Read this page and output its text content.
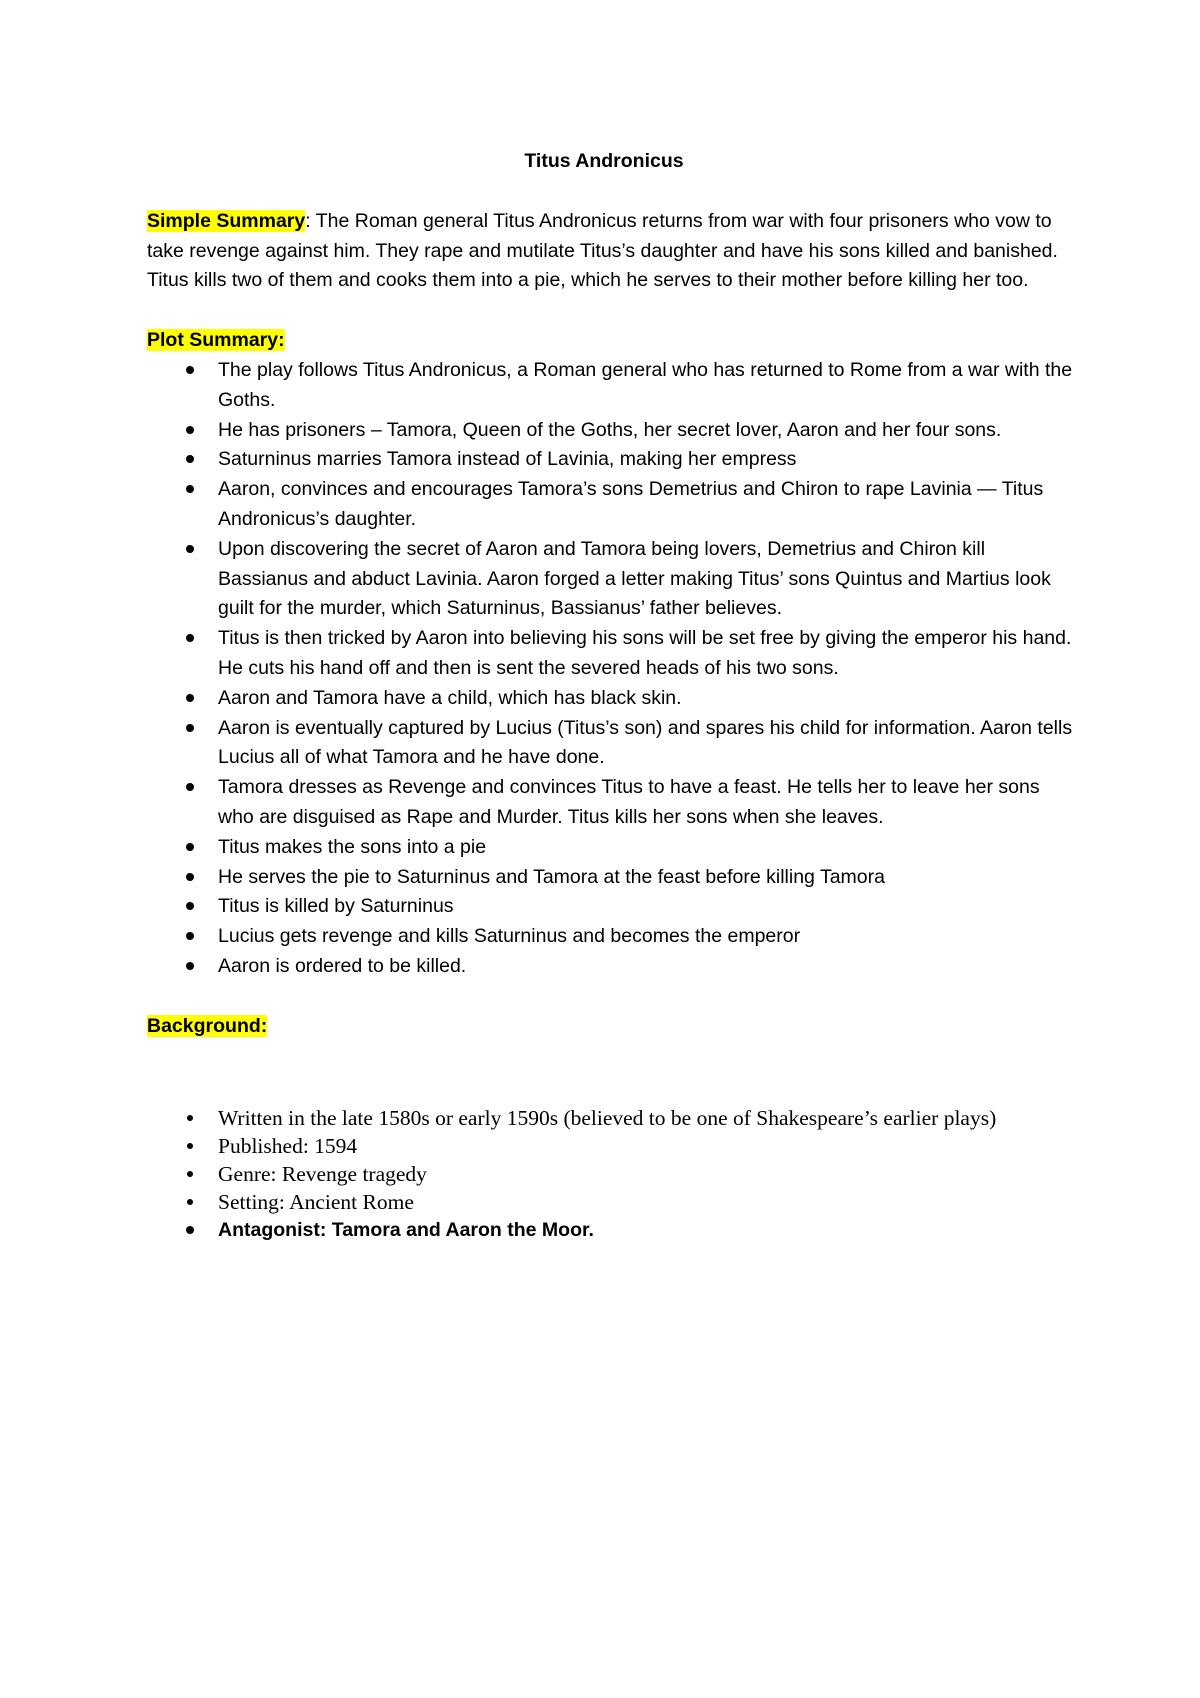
Titus Andronicus

Simple Summary: The Roman general Titus Andronicus returns from war with four prisoners who vow to take revenge against him. They rape and mutilate Titus’s daughter and have his sons killed and banished. Titus kills two of them and cooks them into a pie, which he serves to their mother before killing her too.

Plot Summary:

The play follows Titus Andronicus, a Roman general who has returned to Rome from a war with the Goths.
He has prisoners – Tamora, Queen of the Goths, her secret lover, Aaron and her four sons.
Saturninus marries Tamora instead of Lavinia, making her empress
Aaron, convinces and encourages Tamora’s sons Demetrius and Chiron to rape Lavinia — Titus Andronicus’s daughter.
Upon discovering the secret of Aaron and Tamora being lovers, Demetrius and Chiron kill Bassianus and abduct Lavinia. Aaron forged a letter making Titus’ sons Quintus and Martius look guilt for the murder, which Saturninus, Bassianus’ father believes.
Titus is then tricked by Aaron into believing his sons will be set free by giving the emperor his hand. He cuts his hand off and then is sent the severed heads of his two sons.
Aaron and Tamora have a child, which has black skin.
Aaron is eventually captured by Lucius (Titus’s son) and spares his child for information. Aaron tells Lucius all of what Tamora and he have done.
Tamora dresses as Revenge and convinces Titus to have a feast. He tells her to leave her sons who are disguised as Rape and Murder. Titus kills her sons when she leaves.
Titus makes the sons into a pie
He serves the pie to Saturninus and Tamora at the feast before killing Tamora
Titus is killed by Saturninus
Lucius gets revenge and kills Saturninus and becomes the emperor
Aaron is ordered to be killed.

Background:

Written in the late 1580s or early 1590s (believed to be one of Shakespeare’s earlier plays)
Published: 1594
Genre: Revenge tragedy
Setting: Ancient Rome
Antagonist: Tamora and Aaron the Moor.
